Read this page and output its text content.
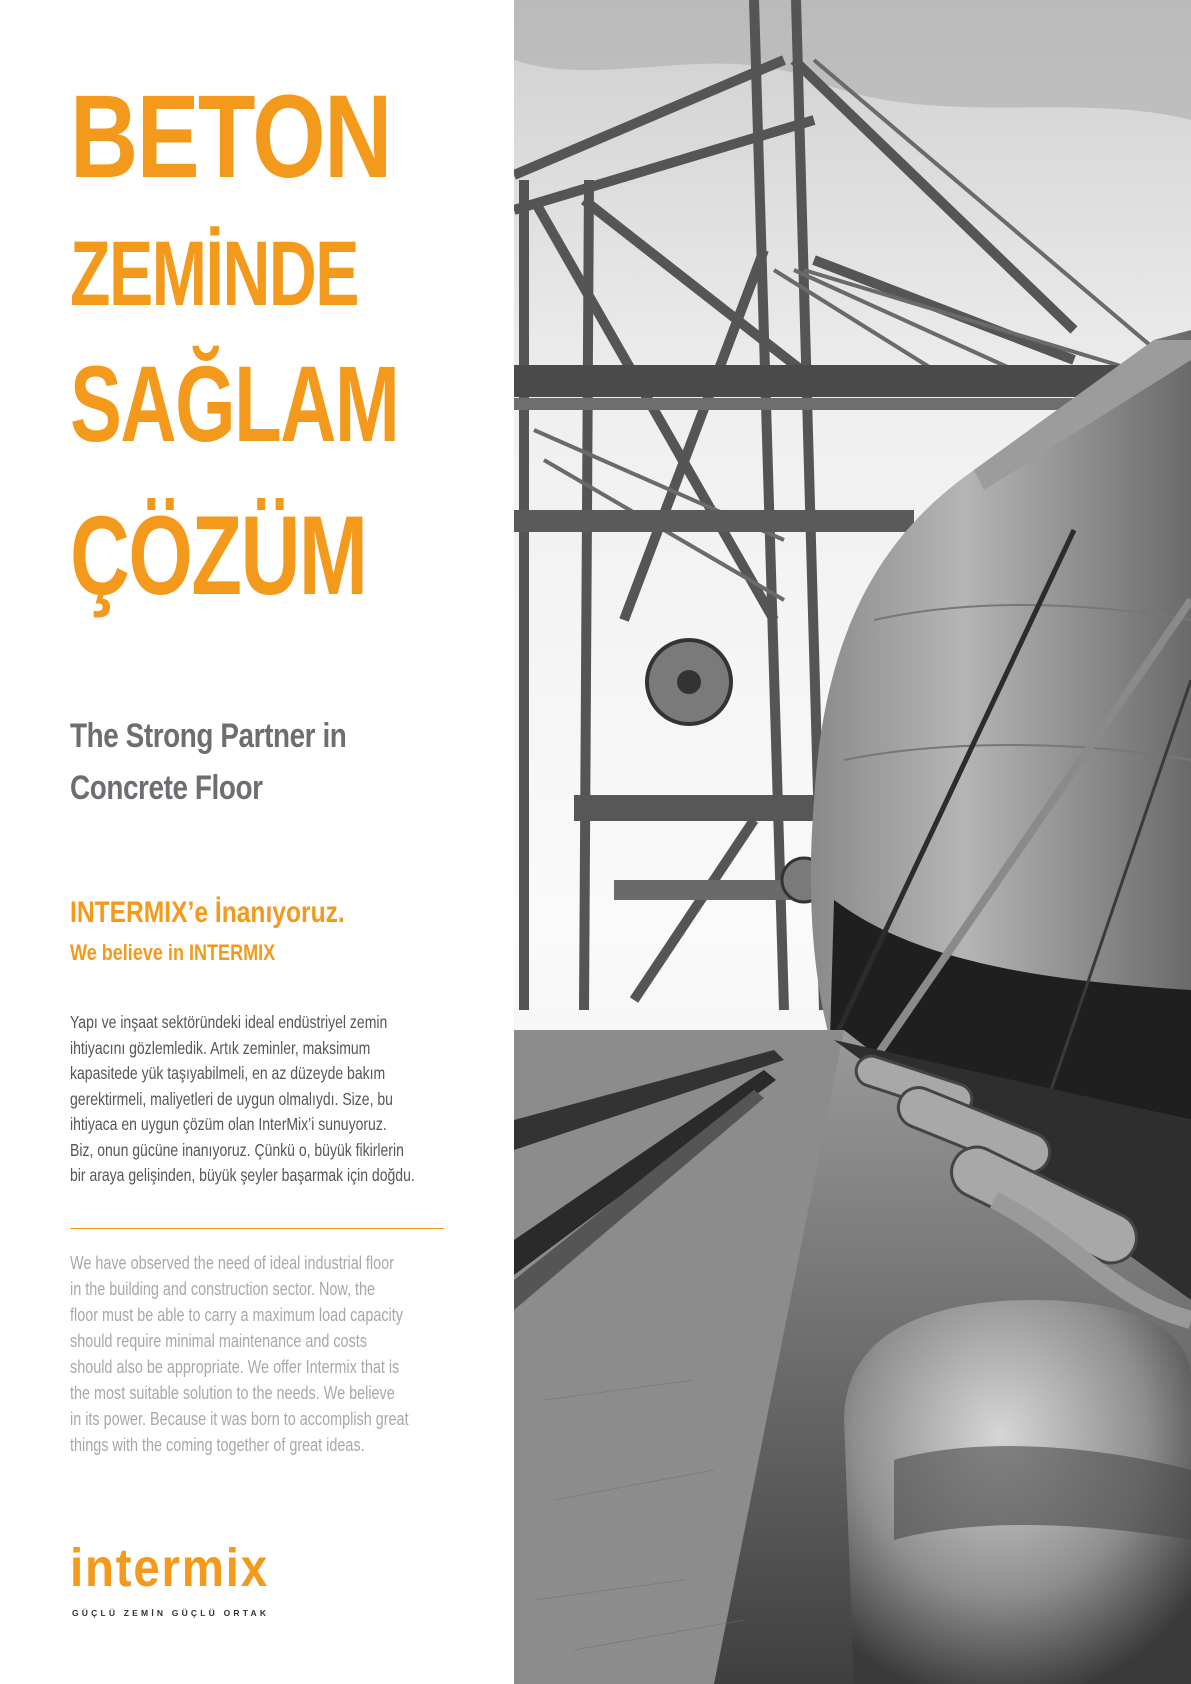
BETON
ZEMİNDE
SAĞLAM
ÇÖZÜM
The Strong Partner in
Concrete Floor
INTERMIX’e İnanıyoruz.
We believe in INTERMIX
Yapı ve inşaat sektöründeki ideal endüstriyel zemin
ihtiyacını gözlemledik. Artık zeminler, maksimum
kapasitede yük taşıyabilmeli, en az düzeyde bakım
gerektirmeli, maliyetleri de uygun olmalıydı. Size, bu
ihtiyaca en uygun çözüm olan InterMix’i sunuyoruz.
Biz, onun gücüne inanıyoruz. Çünkü o, büyük fikirlerin
bir araya gelişinden, büyük şeyler başarmak için doğdu.
We have observed the need of ideal industrial floor
in the building and construction sector. Now, the
floor must be able to carry a maximum load capacity
should require minimal maintenance and costs
should also be appropriate. We offer Intermix that is
the most suitable solution to the needs. We believe
in its power. Because it was born to accomplish great
things with the coming together of great ideas.
intermix
GÜÇLÜ ZEMİN GÜÇLÜ ORTAK
